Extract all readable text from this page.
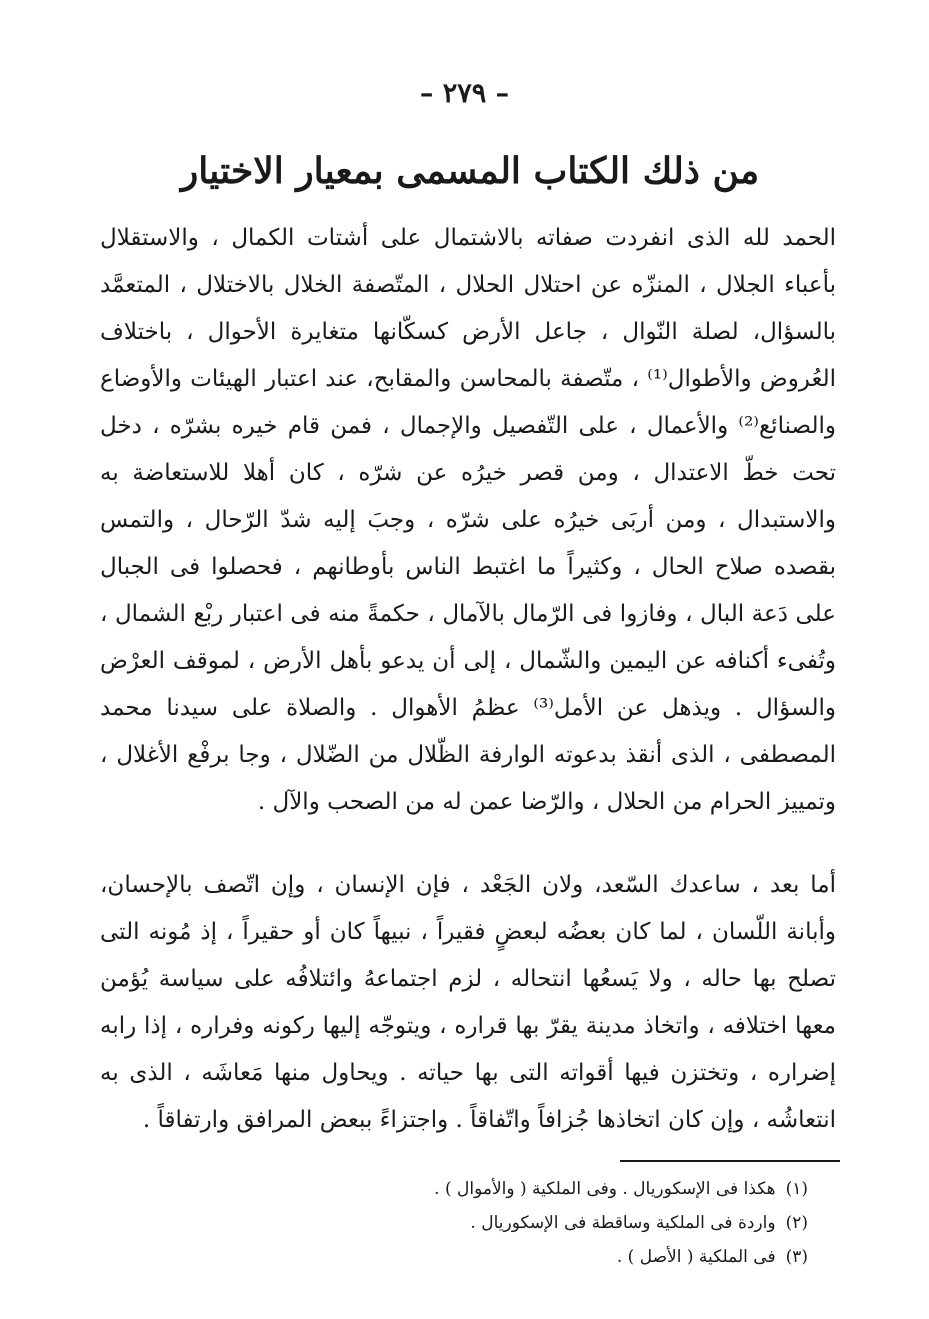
– ٢٧٩ –
من ذلك الكتاب المسمى بمعيار الاختيار
الحمد لله الذى انفردت صفاته بالاشتمال على أشتات الكمال ، والاستقلال بأعباء الجلال ، المنزّه عن احتلال الحلال ، المتّصفة الخلال بالاختلال ، المتعمَّد بالسؤال، لصلة النّوال ، جاعل الأرض كسكّانها متغايرة الأحوال ، باختلاف العُروض والأطوال⁽¹⁾ ، متّصفة بالمحاسن والمقابح، عند اعتبار الهيئات والأوضاع والصنائع⁽²⁾ والأعمال ، على التّفصيل والإجمال ، فمن قام خيره بشرّه ، دخل تحت خطّ الاعتدال ، ومن قصر خيرُه عن شرّه ، كان أهلا للاستعاضة به والاستبدال ، ومن أربَى خيرُه على شرّه ، وجبَ إليه شدّ الرّحال ، والتمس بقصده صلاح الحال ، وكثيراً ما اغتبط الناس بأوطانهم ، فحصلوا فى الجبال على دَعة البال ، وفازوا فى الرّمال بالآمال ، حكمةً منه فى اعتبار ربْع الشمال ، وتُفىء أكنافه عن اليمين والشّمال ، إلى أن يدعو بأهل الأرض ، لموقف العرْض والسؤال . ويذهل عن الأمل⁽³⁾ عظمُ الأهوال . والصلاة على سيدنا محمد المصطفى ، الذى أنقذ بدعوته الوارفة الظّلال من الضّلال ، وجا برفْع الأغلال ، وتمييز الحرام من الحلال ، والرّضا عمن له من الصحب والآل .
أما بعد ، ساعدك السّعد، ولان الجَعْد ، فإن الإنسان ، وإن اتّصف بالإحسان، وأبانة اللّسان ، لما كان بعضُه لبعضٍ فقيراً ، نبيهاً كان أو حقيراً ، إذ مُونه التى تصلح بها حاله ، ولا يَسعُها انتحاله ، لزم اجتماعهُ وائتلافُه على سياسة يُؤمن معها اختلافه ، واتخاذ مدينة يقرّ بها قراره ، ويتوجّه إليها ركونه وفراره ، إذا رابه إضراره ، وتختزن فيها أقواته التى بها حياته . ويحاول منها مَعاشَه ، الذى به انتعاشُه ، وإن كان اتخاذها جُزافاً واتّفاقاً . واجتزاءً ببعض المرافق وارتفاقاً .
(١)هكذا فى الإسكوريال . وفى الملكية ( والأموال ) .
(٢)واردة فى الملكية وساقطة فى الإسكوريال .
(٣)فى الملكية ( الأصل ) .
